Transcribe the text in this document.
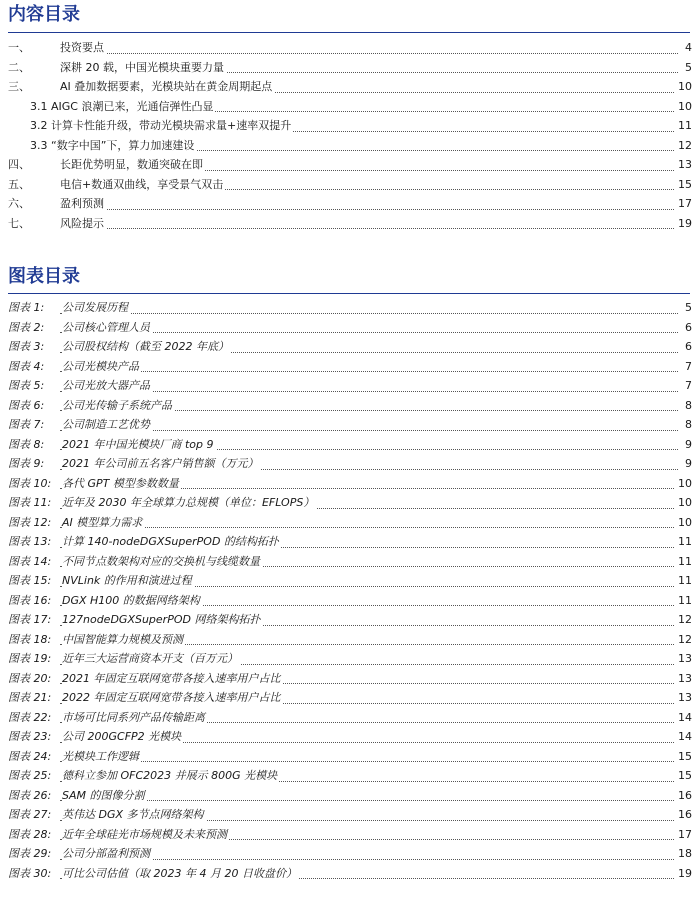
内容目录
一、	投资要点	4
二、	深耕 20 载，中国光模块重要力量	5
三、	AI 叠加数据要素，光模块站在黄金周期起点	10
3.1 AIGC 浪潮已来，光通信弹性凸显	10
3.2 计算卡性能升级，带动光模块需求量+速率双提升	11
3.3 “数字中国”下，算力加速建设	12
四、	长距优势明显，数通突破在即	13
五、	电信+数通双曲线，享受景气双击	15
六、	盈利预测	17
七、	风险提示	19
图表目录
图表 1: 公司发展历程	5
图表 2: 公司核心管理人员	6
图表 3: 公司股权结构（截至 2022 年底）	6
图表 4: 公司光模块产品	7
图表 5: 公司光放大器产品	7
图表 6: 公司光传输子系统产品	8
图表 7: 公司制造工艺优势	8
图表 8: 2021 年中国光模块厂商 top 9	9
图表 9: 2021 年公司前五名客户销售额（万元）	9
图表 10: 各代 GPT 模型参数数量	10
图表 11: 近年及 2030 年全球算力总规模（单位：EFLOPS）	10
图表 12: AI 模型算力需求	10
图表 13: 计算 140-nodeDGXSuperPOD 的结构拓扑	11
图表 14: 不同节点数架构对应的交换机与线缆数量	11
图表 15: NVLink 的作用和演进过程	11
图表 16: DGX H100 的数据网络架构	11
图表 17: 127nodeDGXSuperPOD 网络架构拓扑	12
图表 18: 中国智能算力规模及预测	12
图表 19: 近年三大运营商资本开支（百万元）	13
图表 20: 2021 年固定互联网宽带各接入速率用户占比	13
图表 21: 2022 年固定互联网宽带各接入速率用户占比	13
图表 22: 市场可比同系列产品传输距离	14
图表 23: 公司 200GCFP2 光模块	14
图表 24: 光模块工作逻辑	15
图表 25: 德科立参加 OFC2023 并展示 800G 光模块	15
图表 26: SAM 的图像分割	16
图表 27: 英伟达 DGX 多节点网络架构	16
图表 28: 近年全球硅光市场规模及未来预测	17
图表 29: 公司分部盈利预测	18
图表 30: 可比公司估值（取 2023 年 4 月 20 日收盘价）	19
